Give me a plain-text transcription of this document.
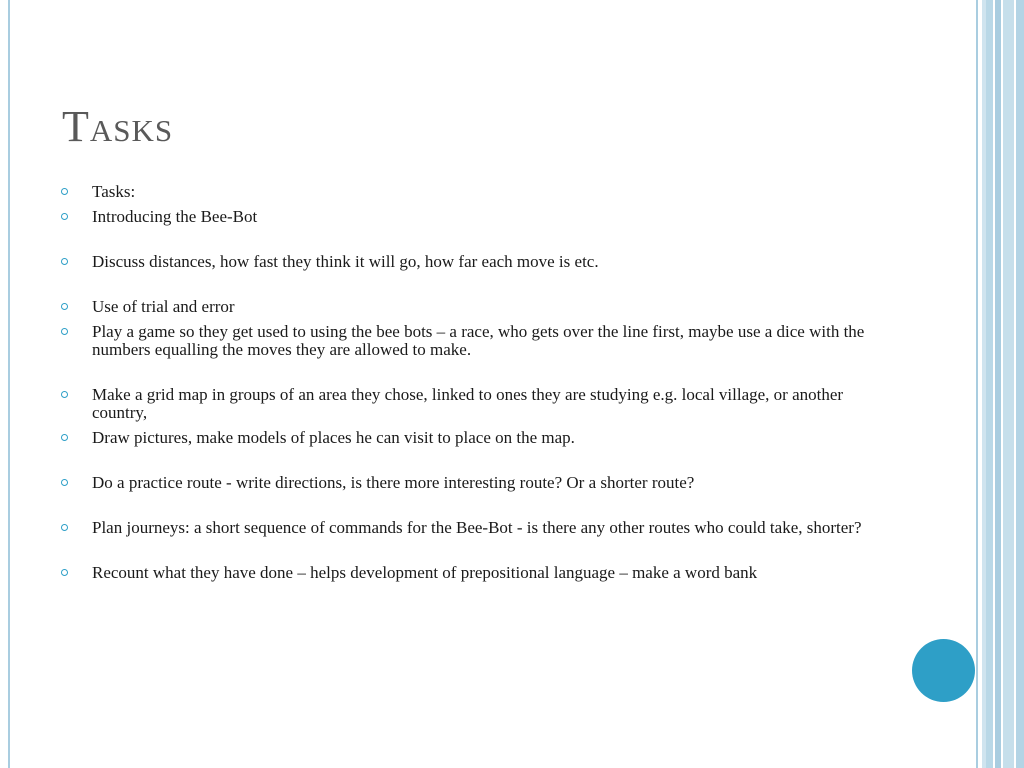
Tasks
Tasks:
Introducing the Bee-Bot
Discuss distances, how fast they think it will go, how far each move is etc.
Use of trial and error
Play a game so they get used to using the bee bots – a race, who gets over the line first, maybe use a dice with the numbers equalling the moves they are allowed to make.
Make a grid map in groups of an area they chose, linked to ones they are studying e.g. local village, or another country,
Draw pictures, make models of places he can visit to place on the map.
Do a practice route - write directions, is there more interesting route? Or a shorter route?
Plan journeys: a short sequence of commands for the Bee-Bot - is there any other routes who could take, shorter?
Recount what they have done – helps development of prepositional language – make a word bank
